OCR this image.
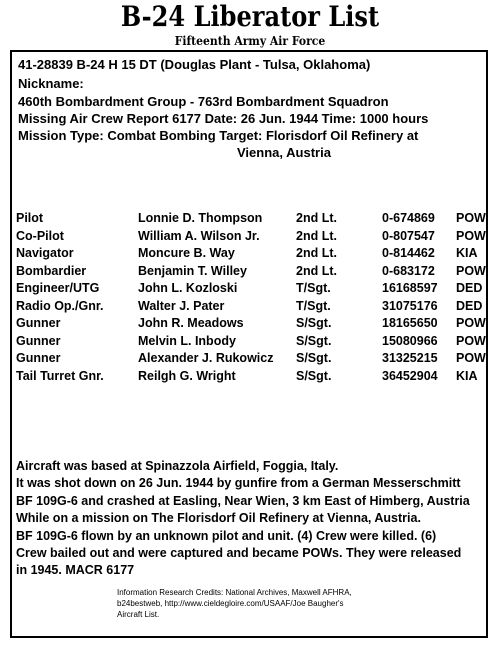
B-24 Liberator List
Fifteenth Army Air Force
41-28839 B-24 H 15 DT (Douglas Plant - Tulsa, Oklahoma)
Nickname:
460th Bombardment Group - 763rd Bombardment Squadron
Missing Air Crew Report 6177 Date: 26 Jun. 1944 Time: 1000 hours
Mission Type: Combat Bombing Target: Florisdorf Oil Refinery at
Vienna, Austria
Pilot	Lonnie D. Thompson	2nd Lt.	0-674869	POW
Co-Pilot	William A. Wilson Jr.	2nd Lt.	0-807547	POW
Navigator	Moncure B. Way	2nd Lt.	0-814462	KIA
Bombardier	Benjamin T. Willey	2nd Lt.	0-683172	POW
Engineer/UTG	John L. Kozloski	T/Sgt.	16168597	DED
Radio Op./Gnr.	Walter J. Pater	T/Sgt.	31075176	DED
Gunner	John R. Meadows	S/Sgt.	18165650	POW
Gunner	Melvin L. Inbody	S/Sgt.	15080966	POW
Gunner	Alexander J. Rukowicz	S/Sgt.	31325215	POW
Tail Turret Gnr.	Reilgh G. Wright	S/Sgt.	36452904	KIA
Aircraft was based at Spinazzola Airfield, Foggia, Italy.
It was shot down on 26 Jun. 1944 by gunfire from a German Messerschmitt
BF 109G-6 and crashed at Easling, Near Wien, 3 km East of Himberg, Austria
While on a mission on The Florisdorf Oil Refinery at Vienna, Austria.
BF 109G-6 flown by an unknown pilot and unit. (4) Crew were killed. (6)
Crew bailed out and were captured and became POWs. They were released
in 1945. MACR 6177
Information Research Credits: National Archives, Maxwell AFHRA,
b24bestweb, http://www.cieldegloire.com/USAAF/Joe Baugher's
Aircraft List.
